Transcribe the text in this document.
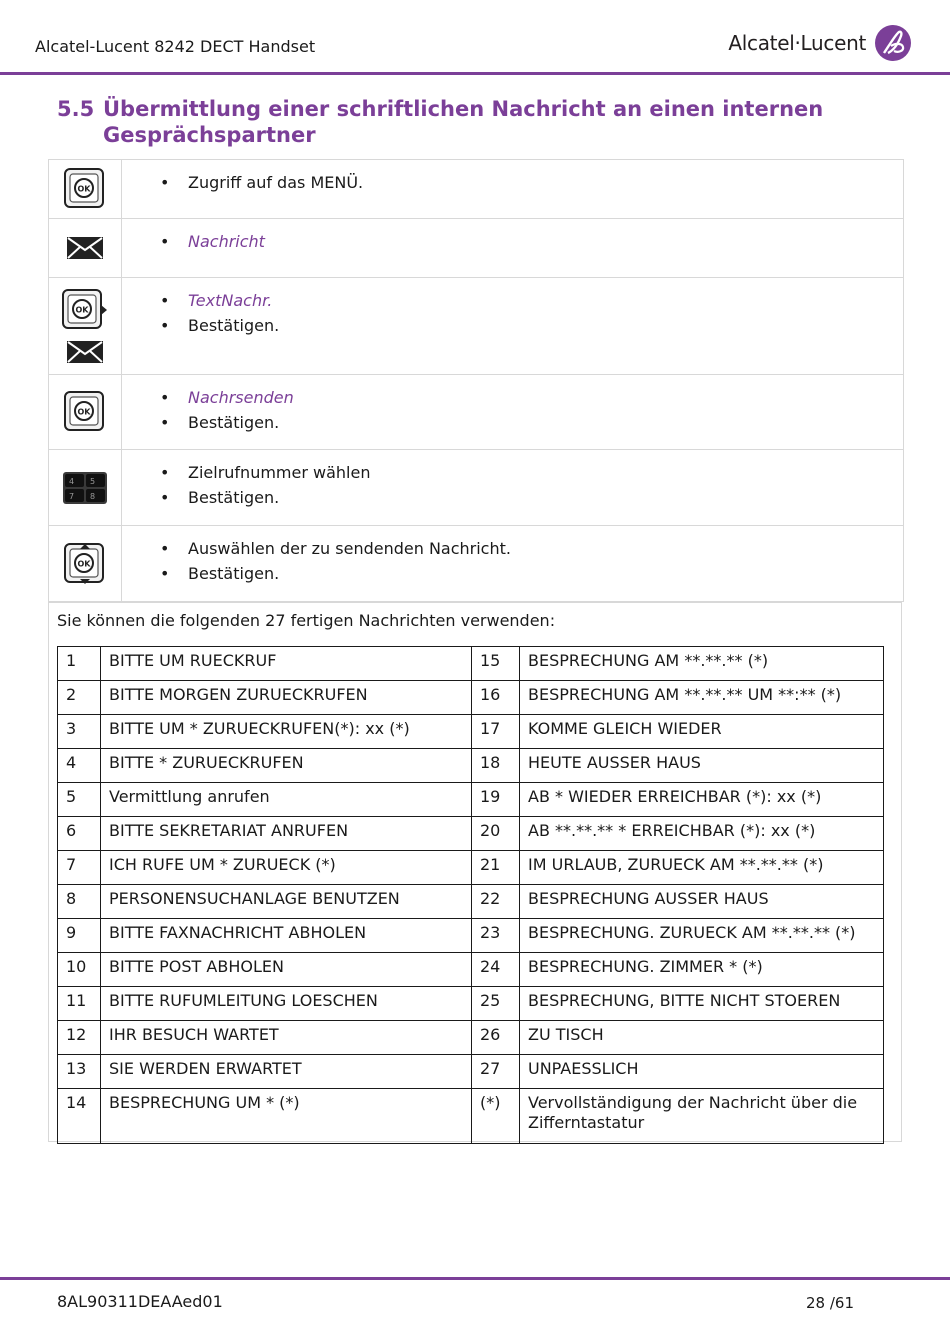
Alcatel-Lucent 8242 DECT Handset	Alcatel·Lucent
5.5 Übermittlung einer schriftlichen Nachricht an einen internen Gesprächspartner
OK	• Zugriff auf das MENÜ.
• Nachricht
OK	• TextNachr.
• Bestätigen.
OK
• Nachrsenden
• Bestätigen.
4 5
7 8
• Zielrufnummer wählen
• Bestätigen.
OK
• Auswählen der zu sendenden Nachricht.
• Bestätigen.
Sie können die folgenden 27 fertigen Nachrichten verwenden:
1	BITTE UM RUECKRUF	15	BESPRECHUNG AM **.**.** (*)
2	BITTE MORGEN ZURUECKRUFEN	16	BESPRECHUNG AM **.**.** UM **:** (*)
3	BITTE UM * ZURUECKRUFEN(*): xx (*)	17	KOMME GLEICH WIEDER
4	BITTE * ZURUECKRUFEN	18	HEUTE AUSSER HAUS
5	Vermittlung anrufen	19	AB * WIEDER ERREICHBAR (*): xx (*)
6	BITTE SEKRETARIAT ANRUFEN	20	AB **.**.** * ERREICHBAR (*): xx (*)
7	ICH RUFE UM * ZURUECK (*)	21	IM URLAUB, ZURUECK AM **.**.** (*)
8	PERSONENSUCHANLAGE BENUTZEN	22	BESPRECHUNG AUSSER HAUS
9	BITTE FAXNACHRICHT ABHOLEN	23	BESPRECHUNG. ZURUECK AM **.**.** (*)
10	BITTE POST ABHOLEN	24	BESPRECHUNG. ZIMMER * (*)
11	BITTE RUFUMLEITUNG LOESCHEN	25	BESPRECHUNG, BITTE NICHT STOEREN
12	IHR BESUCH WARTET	26	ZU TISCH
13	SIE WERDEN ERWARTET	27	UNPAESSLICH
14	BESPRECHUNG UM * (*)	(*)	Vervollständigung der Nachricht über die Zifferntastatur
8AL90311DEAAed01	28 /61
